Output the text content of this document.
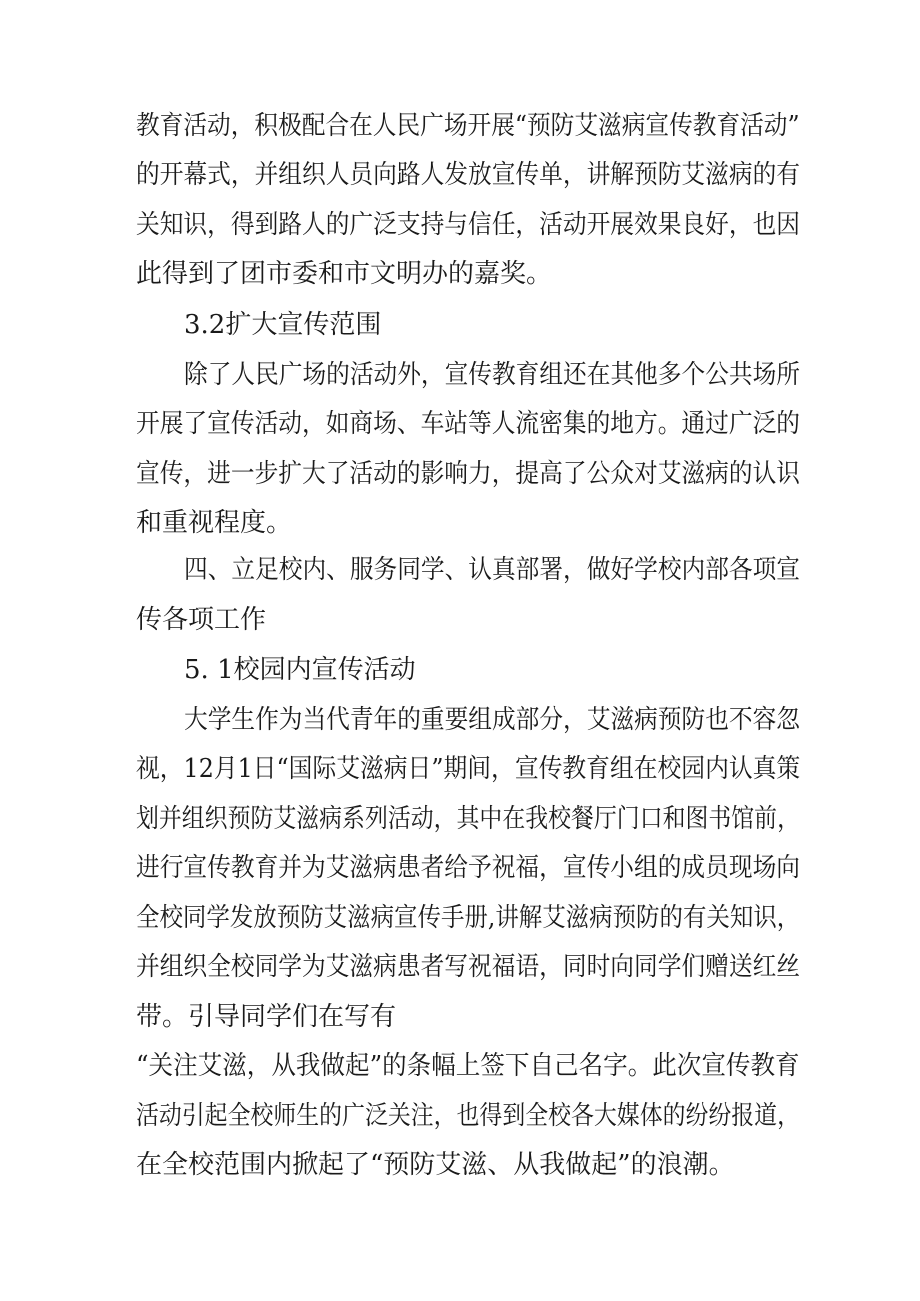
教育活动，积极配合在人民广场开展“预防艾滋病宣传教育活动”
的开幕式，并组织人员向路人发放宣传单，讲解预防艾滋病的有
关知识，得到路人的广泛支持与信任，活动开展效果良好，也因
此得到了团市委和市文明办的嘉奖。
3.2扩大宣传范围
除了人民广场的活动外，宣传教育组还在其他多个公共场所
开展了宣传活动，如商场、车站等人流密集的地方。通过广泛的
宣传，进一步扩大了活动的影响力，提高了公众对艾滋病的认识
和重视程度。
四、立足校内、服务同学、认真部署，做好学校内部各项宣
传各项工作
5. 1校园内宣传活动
大学生作为当代青年的重要组成部分，艾滋病预防也不容忽
视，12月1日“国际艾滋病日”期间，宣传教育组在校园内认真策
划并组织预防艾滋病系列活动，其中在我校餐厅门口和图书馆前，
进行宣传教育并为艾滋病患者给予祝福，宣传小组的成员现场向
全校同学发放预防艾滋病宣传手册,讲解艾滋病预防的有关知识，
并组织全校同学为艾滋病患者写祝福语，同时向同学们赠送红丝
带。引导同学们在写有
“关注艾滋，从我做起”的条幅上签下自己名字。此次宣传教育
活动引起全校师生的广泛关注，也得到全校各大媒体的纷纷报道，
在全校范围内掀起了“预防艾滋、从我做起”的浪潮。
